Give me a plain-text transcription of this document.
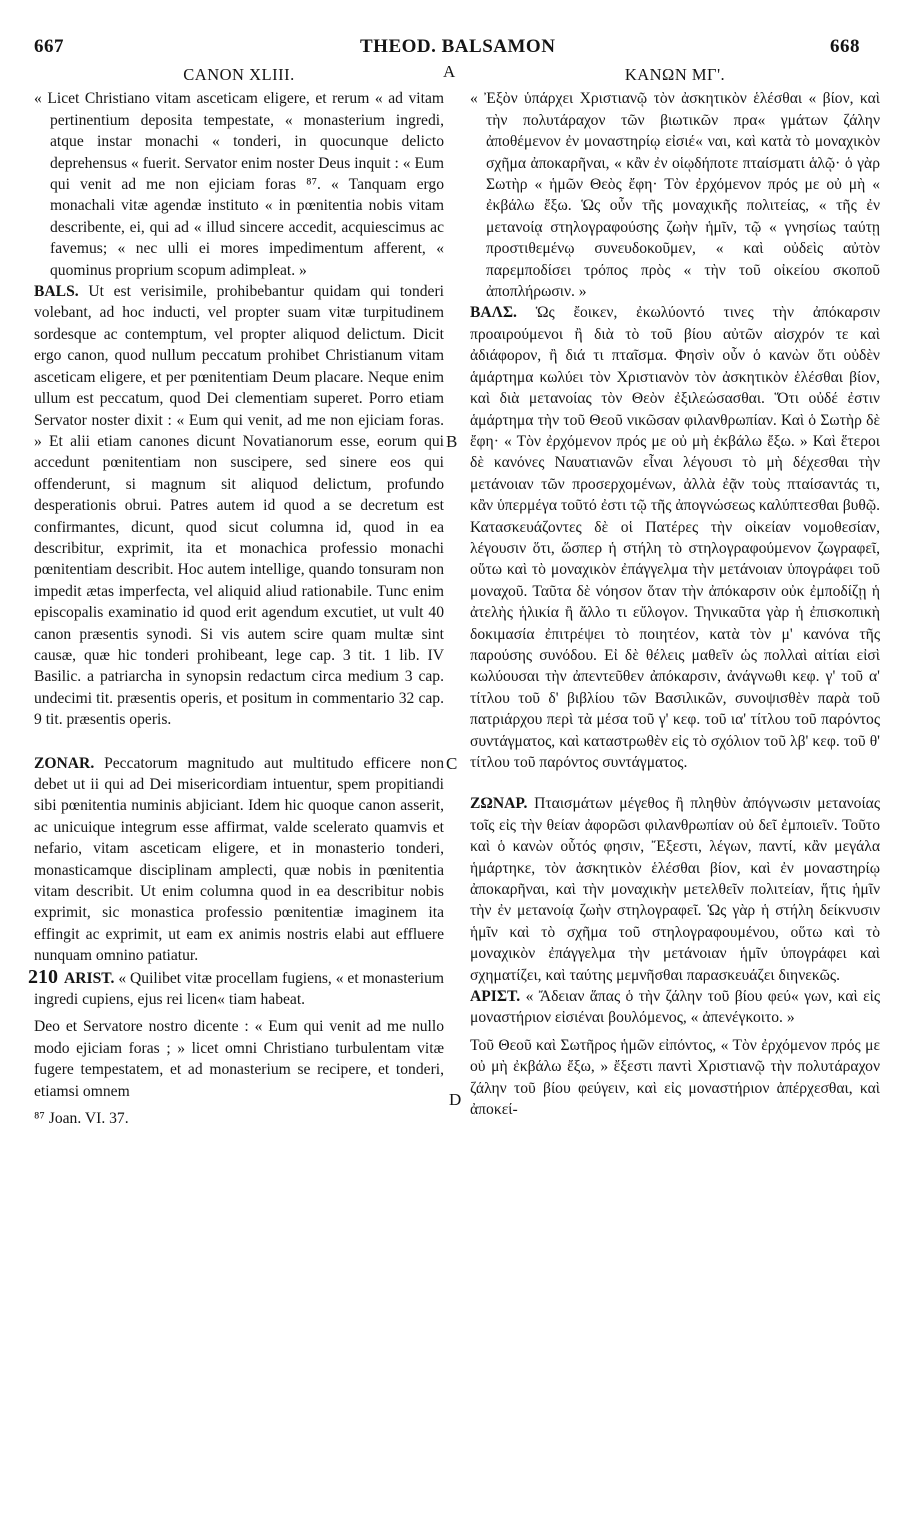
667	THEOD. BALSAMON	668
A
B
C
D
CANON XLIII.

« Licet Christiano vitam asceticam eligere, et rerum « ad vitam pertinentium deposita tempestate, « monasterium ingredi, atque instar monachi « tonderi, in quocunque delicto deprehensus « fuerit. Servator enim noster Deus inquit : « Eum qui venit ad me non ejiciam foras ⁸⁷. « Tanquam ergo monachali vitæ agendæ instituto « in pœnitentia nobis vitam describente, ei, qui ad « illud sincere accedit, acquiescimus ac favemus; « nec ulli ei mores impedimentum afferent, « quominus proprium scopum adimpleat. »

BALS. Ut est verisimile, prohibebantur quidam qui tonderi volebant, ad hoc inducti, vel propter suam vitæ turpitudinem sordesque ac contemptum, vel propter aliquod delictum. Dicit ergo canon, quod nullum peccatum prohibet Christianum vitam asceticam eligere, et per pœnitentiam Deum placare. Neque enim ullum est peccatum, quod Dei clementiam superet. Porro etiam Servator noster dixit : « Eum qui venit, ad me non ejiciam foras. » Et alii etiam canones dicunt Novatianorum esse, eorum qui accedunt pœnitentiam non suscipere, sed sinere eos qui offenderunt, si magnum sit aliquod delictum, profundo desperationis obrui. Patres autem id quod a se decretum est confirmantes, dicunt, quod sicut columna id, quod in ea describitur, exprimit, ita et monachica professio monachi pœnitentiam describit. Hoc autem intellige, quando tonsuram non impedit ætas imperfecta, vel aliquid aliud rationabile. Tunc enim episcopalis examinatio id quod erit agendum excutiet, ut vult 40 canon præsentis synodi. Si vis autem scire quam multæ sint causæ, quæ hic tonderi prohibeant, lege cap. 3 tit. 1 lib. IV Basilic. a patriarcha in synopsin redactum circa medium 3 cap. undecimi tit. præsentis operis, et positum in commentario 32 cap. 9 tit. præsentis operis.

ZONAR. Peccatorum magnitudo aut multitudo efficere non debet ut ii qui ad Dei misericordiam intuentur, spem propitiandi sibi pœnitentia numinis abjiciant. Idem hic quoque canon asserit, ac unicuique integrum esse affirmat, valde scelerato quamvis et nefario, vitam asceticam eligere, et in monasterio tonderi, monasticamque disciplinam amplecti, quæ nobis in pœnitentia vitam describit. Ut enim columna quod in ea describitur nobis exprimit, sic monastica professio pœnitentiæ imaginem ita effingit ac exprimit, ut eam ex animis nostris elabi aut effluere nunquam omnino patiatur.

210 ARIST. « Quilibet vitæ procellam fugiens, « et monasterium ingredi cupiens, ejus rei licen« tiam habeat.

Deo et Servatore nostro dicente : « Eum qui venit ad me nullo modo ejiciam foras ; » licet omni Christiano turbulentam vitæ fugere tempestatem, et ad monasterium se recipere, et tonderi, etiamsi omnem

⁸⁷ Joan. VI. 37.
ΚΑΝΩΝ ΜΓ'.

« Ἐξὸν ὑπάρχει Χριστιανῷ τὸν ἀσκητικὸν ἑλέσθαι « βίον, καὶ τὴν πολυτάραχον τῶν βιωτικῶν πρα« γμάτων ζάλην ἀποθέμενον ἐν μοναστηρίῳ εἰσιέ« ναι, καὶ κατὰ τὸ μοναχικὸν σχῆμα ἀποκαρῆναι, « κἂν ἐν οἱῳδήποτε πταίσματι ἁλῷ· ὁ γὰρ Σωτὴρ « ἡμῶν Θεὸς ἔφη· Τὸν ἐρχόμενον πρός με οὐ μὴ « ἐκβάλω ἔξω. Ὡς οὖν τῆς μοναχικῆς πολιτείας, « τῆς ἐν μετανοίᾳ στηλογραφούσης ζωὴν ἡμῖν, τῷ « γνησίως ταύτῃ προστιθεμένῳ συνευδοκοῦμεν, « καὶ οὐδεὶς αὐτὸν παρεμποδίσει τρόπος πρὸς « τὴν τοῦ οἰκείου σκοποῦ ἀποπλήρωσιν. »

ΒΑΛΣ. Ὡς ἔοικεν, ἐκωλύοντό τινες τὴν ἀπόκαρσιν προαιρούμενοι ἢ διὰ τὸ τοῦ βίου αὐτῶν αἰσχρόν τε καὶ ἀδιάφορον, ἢ διά τι πταῖσμα. Φησὶν οὖν ὁ κανὼν ὅτι οὐδὲν ἁμάρτημα κωλύει τὸν Χριστιανὸν τὸν ἀσκητικὸν ἑλέσθαι βίον, καὶ διὰ μετανοίας τὸν Θεὸν ἐξιλεώσασθαι. Ὅτι οὐδέ ἐστιν ἁμάρτημα τὴν τοῦ Θεοῦ νικῶσαν φιλανθρωπίαν. Καὶ ὁ Σωτὴρ δὲ ἔφη· « Τὸν ἐρχόμενον πρός με οὐ μὴ ἐκβάλω ἔξω. » Καὶ ἕτεροι δὲ κανόνες Ναυατιανῶν εἶναι λέγουσι τὸ μὴ δέχεσθαι τὴν μετάνοιαν τῶν προσερχομένων, ἀλλὰ ἐᾷν τοὺς πταίσαντάς τι, κἂν ὑπερμέγα τοῦτό ἐστι τῷ τῆς ἀπογνώσεως καλύπτεσθαι βυθῷ. Κατασκευάζοντες δὲ οἱ Πατέρες τὴν οἰκείαν νομοθεσίαν, λέγουσιν ὅτι, ὥσπερ ἡ στήλη τὸ στηλογραφούμενον ζωγραφεῖ, οὕτω καὶ τὸ μοναχικὸν ἐπάγγελμα τὴν μετάνοιαν ὑπογράφει τοῦ μοναχοῦ. Ταῦτα δὲ νόησον ὅταν τὴν ἀπόκαρσιν οὐκ ἐμποδίζῃ ἡ ἀτελὴς ἡλικία ἢ ἄλλο τι εὔλογον. Τηνικαῦτα γὰρ ἡ ἐπισκοπικὴ δοκιμασία ἐπιτρέψει τὸ ποιητέον, κατὰ τὸν μ' κανόνα τῆς παρούσης συνόδου. Εἰ δὲ θέλεις μαθεῖν ὡς πολλαὶ αἰτίαι εἰσὶ κωλύουσαι τὴν ἀπεντεῦθεν ἀπόκαρσιν, ἀνάγνωθι κεφ. γ' τοῦ α' τίτλου τοῦ δ' βιβλίου τῶν Βασιλικῶν, συνοψισθὲν παρὰ τοῦ πατριάρχου περὶ τὰ μέσα τοῦ γ' κεφ. τοῦ ια' τίτλου τοῦ παρόντος συντάγματος, καὶ καταστρωθὲν εἰς τὸ σχόλιον τοῦ λβ' κεφ. τοῦ θ' τίτλου τοῦ παρόντος συντάγματος.

ΖΩΝΑΡ. Πταισμάτων μέγεθος ἢ πληθὺν ἀπόγνωσιν μετανοίας τοῖς εἰς τὴν θείαν ἀφορῶσι φιλανθρωπίαν οὐ δεῖ ἐμποιεῖν. Τοῦτο καὶ ὁ κανὼν οὗτός φησιν, Ἔξεστι, λέγων, παντί, κἂν μεγάλα ἡμάρτηκε, τὸν ἀσκητικὸν ἑλέσθαι βίον, καὶ ἐν μοναστηρίῳ ἀποκαρῆναι, καὶ τὴν μοναχικὴν μετελθεῖν πολιτείαν, ἥτις ἡμῖν τὴν ἐν μετανοίᾳ ζωὴν στηλογραφεῖ. Ὡς γὰρ ἡ στήλη δείκνυσιν ἡμῖν καὶ τὸ σχῆμα τοῦ στηλογραφουμένου, οὕτω καὶ τὸ μοναχικὸν ἐπάγγελμα τὴν μετάνοιαν ἡμῖν ὑπογράφει καὶ σχηματίζει, καὶ ταύτης μεμνῆσθαι παρασκευάζει διηνεκῶς.

ΑΡΙΣΤ. « Ἄδειαν ἅπας ὁ τὴν ζάλην τοῦ βίου φεύ« γων, καὶ εἰς μοναστήριον εἰσιέναι βουλόμενος, « ἀπενέγκοιτο. »

Τοῦ Θεοῦ καὶ Σωτῆρος ἡμῶν εἰπόντος, « Τὸν ἐρχόμενον πρός με οὐ μὴ ἐκβάλω ἔξω, » ἔξεστι παντὶ Χριστιανῷ τὴν πολυτάραχον ζάλην τοῦ βίου φεύγειν, καὶ εἰς μοναστήριον ἀπέρχεσθαι, καὶ ἀποκεί-
